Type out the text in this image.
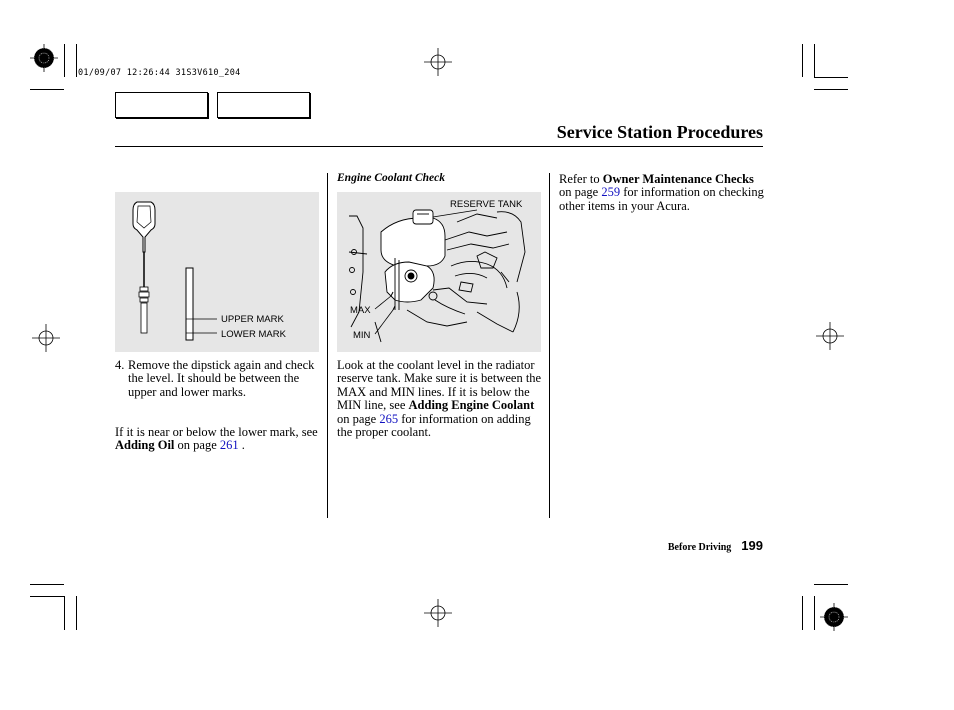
01/09/07 12:26:44 31S3V610_204
Service Station Procedures
UPPER MARK
LOWER MARK
4. Remove the dipstick again and check the level. It should be between the upper and lower marks.
If it is near or below the lower mark, see Adding Oil on page 261 .
Engine Coolant Check
RESERVE TANK
MAX
MIN
Look at the coolant level in the radiator reserve tank. Make sure it is between the MAX and MIN lines. If it is below the MIN line, see Adding Engine Coolant on page 265 for information on adding the proper coolant.
Refer to Owner Maintenance Checks on page 259 for information on checking other items in your Acura.
Before Driving 199
